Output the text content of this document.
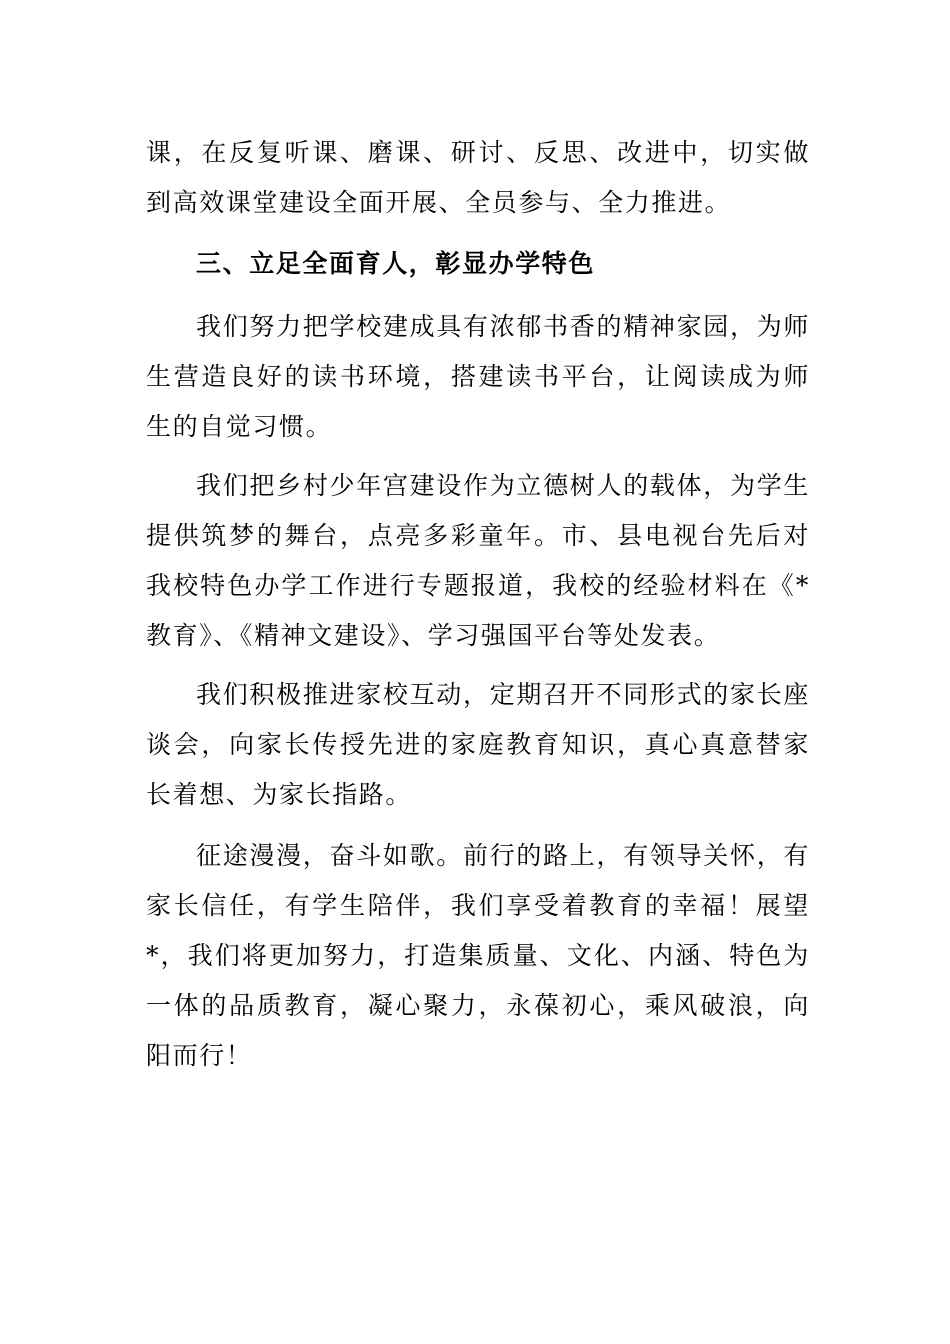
课，在反复听课、磨课、研讨、反思、改进中，切实做到高效课堂建设全面开展、全员参与、全力推进。

三、立足全面育人，彰显办学特色

我们努力把学校建成具有浓郁书香的精神家园，为师生营造良好的读书环境，搭建读书平台，让阅读成为师生的自觉习惯。

我们把乡村少年宫建设作为立德树人的载体，为学生提供筑梦的舞台，点亮多彩童年。市、县电视台先后对我校特色办学工作进行专题报道，我校的经验材料在《*教育》、《精神文建设》、学习强国平台等处发表。

我们积极推进家校互动，定期召开不同形式的家长座谈会，向家长传授先进的家庭教育知识，真心真意替家长着想、为家长指路。

征途漫漫，奋斗如歌。前行的路上，有领导关怀，有家长信任，有学生陪伴，我们享受着教育的幸福！展望*，我们将更加努力，打造集质量、文化、内涵、特色为一体的品质教育，凝心聚力，永葆初心，乘风破浪，向阳而行！
